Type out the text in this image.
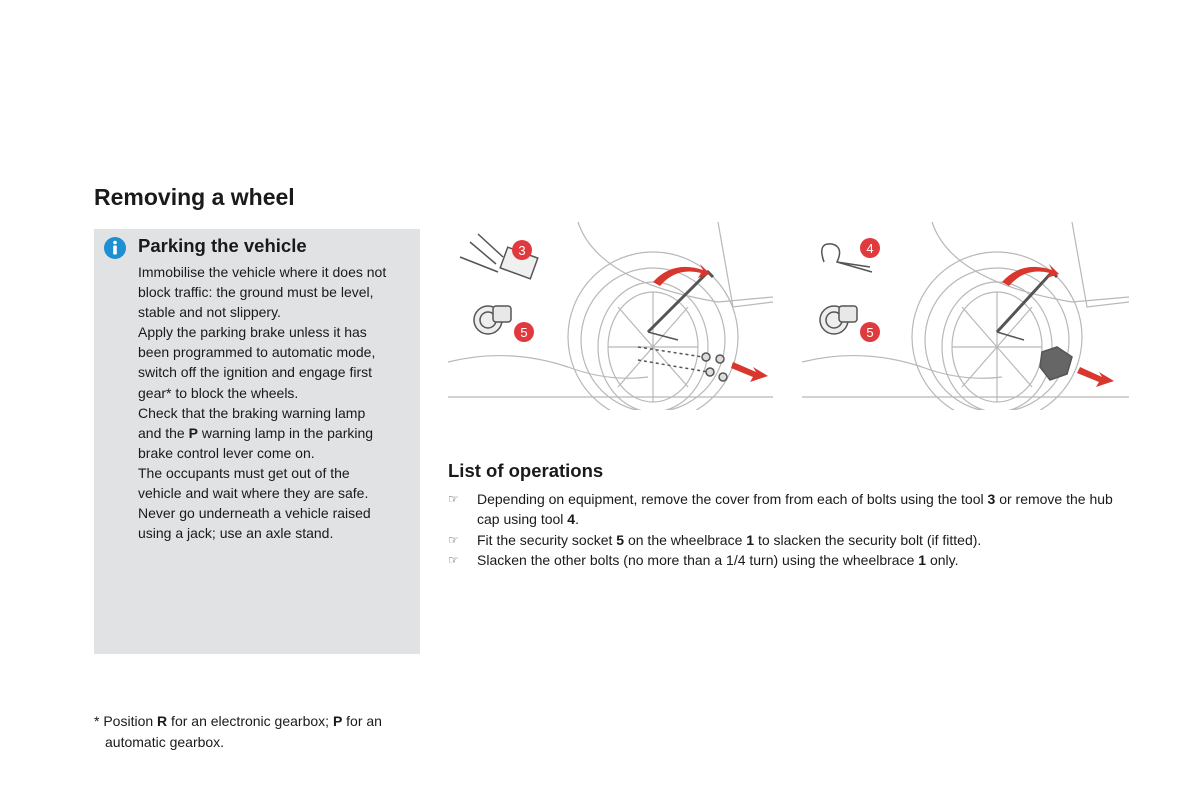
Removing a wheel
Parking the vehicle

Immobilise the vehicle where it does not
block traffic: the ground must be level,
stable and not slippery.
Apply the parking brake unless it has
been programmed to automatic mode,
switch off the ignition and engage first
gear* to block the wheels.
Check that the braking warning lamp
and the P warning lamp in the parking
brake control lever come on.
The occupants must get out of the
vehicle and wait where they are safe.
Never go underneath a vehicle raised
using a jack; use an axle stand.

3
5
4
5
List of operations
☞ Depending on equipment, remove the cover from from each of bolts using the tool 3 or remove the hub cap using tool 4.
☞ Fit the security socket 5 on the wheelbrace 1 to slacken the security bolt (if fitted).
☞ Slacken the other bolts (no more than a 1/4 turn) using the wheelbrace 1 only.

* Position R for an electronic gearbox; P for an
automatic gearbox.
